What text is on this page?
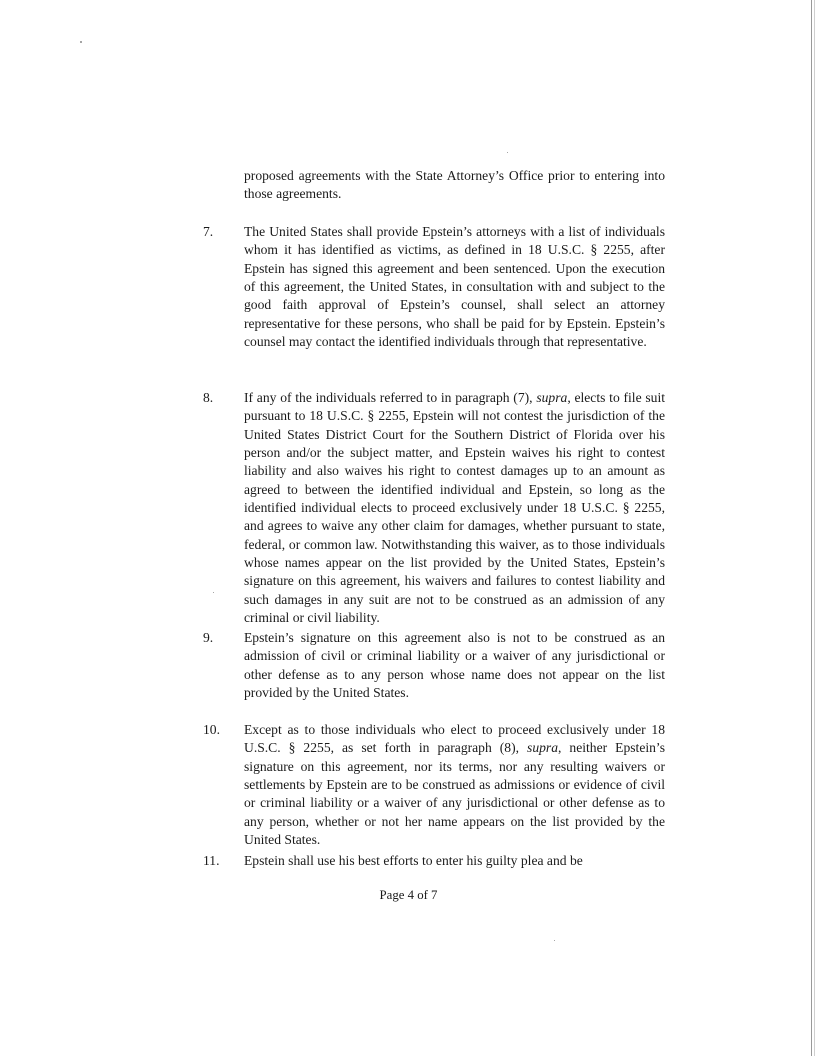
proposed agreements with the State Attorney’s Office prior to entering into those agreements.

7. The United States shall provide Epstein’s attorneys with a list of individuals whom it has identified as victims, as defined in 18 U.S.C. § 2255, after Epstein has signed this agreement and been sentenced. Upon the execution of this agreement, the United States, in consultation with and subject to the good faith approval of Epstein’s counsel, shall select an attorney representative for these persons, who shall be paid for by Epstein. Epstein’s counsel may contact the identified individuals through that representative.

8. If any of the individuals referred to in paragraph (7), supra, elects to file suit pursuant to 18 U.S.C. § 2255, Epstein will not contest the jurisdiction of the United States District Court for the Southern District of Florida over his person and/or the subject matter, and Epstein waives his right to contest liability and also waives his right to contest damages up to an amount as agreed to between the identified individual and Epstein, so long as the identified individual elects to proceed exclusively under 18 U.S.C. § 2255, and agrees to waive any other claim for damages, whether pursuant to state, federal, or common law. Notwithstanding this waiver, as to those individuals whose names appear on the list provided by the United States, Epstein’s signature on this agreement, his waivers and failures to contest liability and such damages in any suit are not to be construed as an admission of any criminal or civil liability.

9. Epstein’s signature on this agreement also is not to be construed as an admission of civil or criminal liability or a waiver of any jurisdictional or other defense as to any person whose name does not appear on the list provided by the United States.

10. Except as to those individuals who elect to proceed exclusively under 18 U.S.C. § 2255, as set forth in paragraph (8), supra, neither Epstein’s signature on this agreement, nor its terms, nor any resulting waivers or settlements by Epstein are to be construed as admissions or evidence of civil or criminal liability or a waiver of any jurisdictional or other defense as to any person, whether or not her name appears on the list provided by the United States.

11. Epstein shall use his best efforts to enter his guilty plea and be

Page 4 of 7
